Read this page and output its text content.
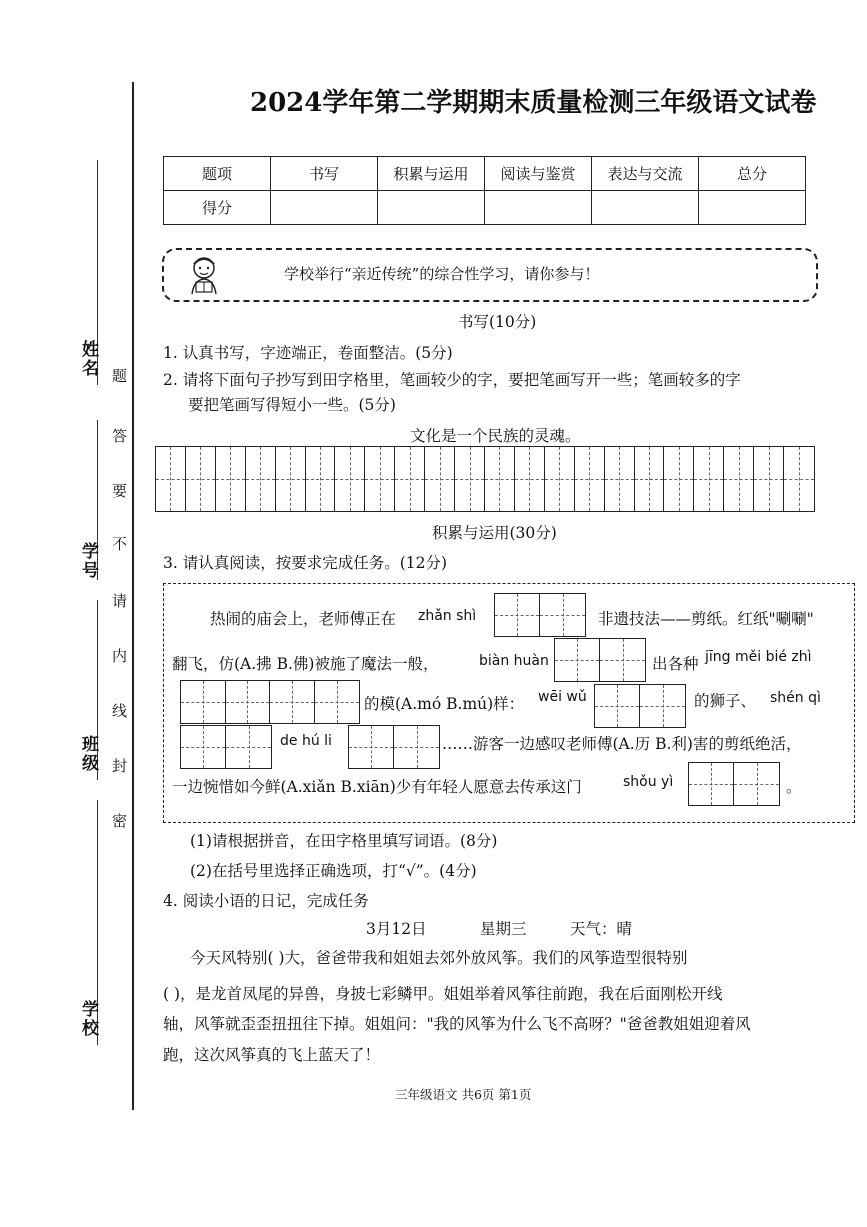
姓名
学号
班级
学校
题
答
要
不
请
内
线
封
密
2024学年第二学期期末质量检测三年级语文试卷
题项	书写	积累与运用	阅读与鉴赏	表达与交流	总分
得分					
学校举行“亲近传统”的综合性学习，请你参与！
书写(10分)
1. 认真书写，字迹端正，卷面整洁。(5分)
2. 请将下面句子抄写到田字格里，笔画较少的字，要把笔画写开一些；笔画较多的字
要把笔画写得短小一些。(5分)
文化是一个民族的灵魂。
积累与运用(30分)
3. 请认真阅读，按要求完成任务。(12分)
热闹的庙会上，老师傅正在 zhǎn shì	非遗技法——剪纸。红纸"唰唰"
翻飞，仿(A.拂 B.佛)被施了魔法一般，	biàn huàn	出各种 jīng měi bié zhì
的模(A.mó B.mú)样： wēi wǔ	的狮子、 shén qì
de hú li	……游客一边感叹老师傅(A.历 B.利)害的剪纸绝活，
一边惋惜如今鲜(A.xiǎn B.xiān)少有年轻人愿意去传承这门	shǒu yì	。
(1)请根据拼音，在田字格里填写词语。(8分)
(2)在括号里选择正确选项，打“√”。(4分)
4. 阅读小语的日记，完成任务
3月12日	星期三	天气：晴
今天风特别( )大，爸爸带我和姐姐去郊外放风筝。我们的风筝造型很特别
( )，是龙首凤尾的异兽，身披七彩鳞甲。姐姐举着风筝往前跑，我在后面刚松开线
轴，风筝就歪歪扭扭往下掉。姐姐问："我的风筝为什么飞不高呀？"爸爸教姐姐迎着风
跑，这次风筝真的飞上蓝天了！
三年级语文 共6页 第1页
